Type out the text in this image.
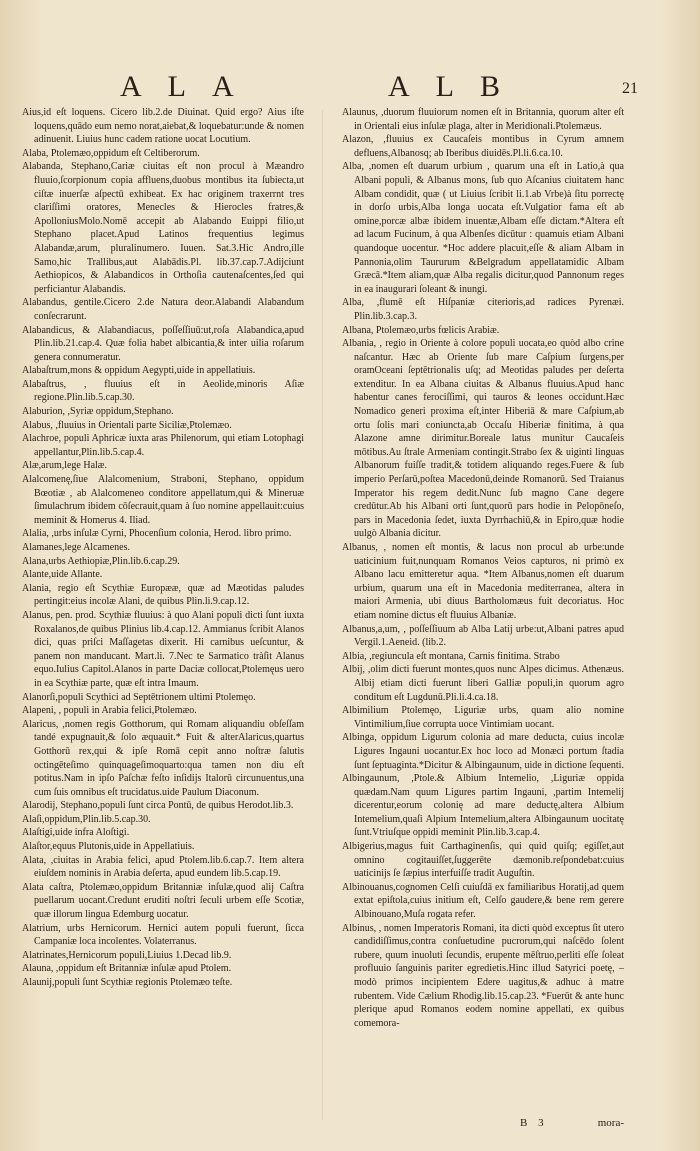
ALA	ALB	21

Aius,id eſt loquens. Cicero lib.2.de Diuinat. Quid ergo? Aius iſte loquens,quādo eum nemo norat,aiebat,& loquebatur:unde & nomen adinuenit. Liuius hunc cadem ratione uocat Locutium.

Alaba, Ptolemæo,oppidum eſt Celtiberorum.

Alabanda, Stephano,Cariæ ciuitas eſt non procul à Mæandro fluuio,ſcorpionum copia affluens,duobus montibus ita ſubiecta,ut ciſtæ inuerſæ aſpectū exhibeat. Ex hac originem traxerrnt tres clariſſimi oratores, Menecles & Hierocles fratres,& ApolloniusMolo.Nomē accepit ab Alabando Euippi filio,ut Stephano placet.Apud Latinos frequentius legimus Alabandæ,arum, pluralinumero. Iuuen. Sat.3.Hic Andro,ille Samo,hic Trallibus,aut Alabādis.Pl. lib.37.cap.7.Adijciunt Aethiopicos, & Alabandicos in Orthoſia cautenaſcentes,ſed qui perficiantur Alabandis.

Alabandus, gentile.Cicero 2.de Natura deor.Alabandi Alabandum conſecrarunt.

Alabandicus, & Alabandiacus, poſſeſſiuū:ut,roſa Alabandica,apud Plin.lib.21.cap.4. Quæ folia habet albicantia,& inter uilia roſarum genera connumeratur.

Alabaſtrum,mons & oppidum Aegypti,uide in appellatiuis.

Alabaſtrus, , fluuius eſt in Aeolide,minoris Aſiæ regione.Plin.lib.5.cap.30.

Alaburion, ,Syriæ oppidum,Stephano.

Alabus, ,fluuius in Orientali parte Siciliæ,Ptolemæo.

Alachroe, populi Aphricæ iuxta aras Philenorum, qui etiam Lotophagi appellantur,Plin.lib.5.cap.4.

Alæ,arum,lege Halæ.

Alalcomenę,ſiue Alalcomenium, Straboni, Stephano, oppidum Bœotiæ , ab Alalcomeneo conditore appellatum,qui & Mineruæ ſimulachrum ibidem cōſecrauit,quam à ſuo nomine appellauit:cuius meminit & Homerus 4. Iliad.

Alalia, ,urbs inſulæ Cyrni, Phocenſium colonia, Herod. libro primo.

Alamanes,lege Alcamenes.

Alana,urbs Aethiopiæ,Plin.lib.6.cap.29.

Alante,uide Allante.

Alania, regio eſt Scythiæ Europææ, quæ ad Mæotidas paludes pertingit:eius incolæ Alani, de quibus Plin.li.9.cap.12.

Alanus, pen. prod. Scythiæ fluuius: à quo Alani populi dicti ſunt iuxta Roxalanos,de quibus Plinius lib.4.cap.12. Ammianus ſcribit Alanos dici, quas priſci Maſſagetas dixerit. Hi carnibus ueſcuntur, & panem non manducant. Mart.li. 7.Nec te Sarmatico tràſit Alanus equo.Iulius Capitol.Alanos in parte Daciæ collocat,Ptolemęus uero in ea Scythiæ parte, quæ eſt intra Imaum.

Alanorſi,populi Scythici ad Septētrionem ultimi Ptolemęo.

Alapeni, , populi in Arabia felici,Ptolemæo.

Alaricus, ,nomen regis Gotthorum, qui Romam aliquandiu obſeſſam tandé expugnauit,& ſolo æquauit.* Fuit & alterAlaricus,quartus Gotthorū rex,qui & ipſe Romā cepit anno noſtræ ſalutis octingēteſimo quinquageſimoquarto:qua tamen non diu eſt potitus.Nam in ipſo Paſchæ feſto inſidijs Italorū circunuentus,una cum ſuis omnibus eſt trucidatus.uide Paulum Diaconum.

Alarodij, Stephano,populi ſunt circa Pontū, de quibus Herodot.lib.3.

Alaſi,oppidum,Plin.lib.5.cap.30.

Alaſtigi,uide infra Aloſtigi.

Alaſtor,equus Plutonis,uide in Appellatiuis.

Alata, ,ciuitas in Arabia felici, apud Ptolem.lib.6.cap.7. Item altera eiuſdem nominis in Arabia deſerta, apud eundem lib.5.cap.19.

Alata caſtra, Ptolemæo,oppidum Britanniæ inſulæ,quod alij Caſtra puellarum uocant.Credunt eruditi noſtri ſeculi urbem eſſe Scotiæ, quæ illorum lingua Edemburg uocatur.

Alatrium, urbs Hernicorum. Hernici autem populi fuerunt, ſicca Campaniæ loca incolentes. Volaterranus.

Alatrinates,Hernicorum populi,Liuius 1.Decad lib.9.

Alauna, ,oppidum eſt Britanniæ inſulæ apud Ptolem.

Alaunij,populi ſunt Scythiæ regionis Ptolemæo teſte.

Alaunus, ,duorum fluuiorum nomen eſt in Britannia, quorum alter eſt in Orientali eius inſulæ plaga, alter in Meridionali.Ptolemæus.

Alazon, ,fluuius ex Caucaſeis montibus in Cyrum amnem defluens,Albanosq; ab Iberibus diuidēs.Pl.li.6.ca.10.

Alba, ,nomen eſt duarum urbium , quarum una eſt in Latio,à qua Albani populi, & Albanus mons, ſub quo Aſcanius ciuitatem hanc Albam condidit, quæ ( ut Liuius ſcribit li.1.ab Vrbe)à ſitu porrectę in dorſo urbis,Alba longa uocata eſt.Vulgatior fama eſt ab omine,porcæ albæ ibidem inuentæ,Albam eſſe dictam.*Altera eſt ad lacum Fucinum, à qua Albenſes dicūtur : quamuis etiam Albani quandoque uocentur. *Hoc addere placuit,eſſe & aliam Albam in Pannonia,olim Taururum &Belgradum appellatamidic Albam Græcā.*Item aliam,quæ Alba regalis dicitur,quod Pannonum reges in ea inaugurari ſoleant & inungi.

Alba, ,flumē eſt Hiſpaniæ citerioris,ad radices Pyrenæi. Plin.lib.3.cap.3.

Albana, Ptolemæo,urbs fœlicis Arabiæ.

Albania, , regio in Oriente à colore populi uocata,eo quòd albo crine naſcantur. Hæc ab Oriente ſub mare Caſpium ſurgens,per oramOceani ſeptētrionalis uſq; ad Meotidas paludes per deſerta extenditur. In ea Albana ciuitas & Albanus fluuius.Apud hanc habentur canes ferociſſimi, qui tauros & leones occidunt.Hæc Nomadico generi proxima eſt,inter Hiberiā & mare Caſpium,ab ortu ſolis mari coniuncta,ab Occaſu Hiberiæ finitima, à qua Alazone amne dirimitur.Boreale latus munitur Caucaſeis mōtibus.Au ſtrale Armeniam contingit.Strabo ſex & uiginti linguas Albanorum fuiſſe tradit,& totidem aliquando reges.Fuere & ſub imperio Perſarū,poſtea Macedonū,deinde Romanorū. Sed Traianus Imperator his regem dedit.Nunc ſub magno Cane degere credūtur.Ab his Albani orti ſunt,quorū pars hodie in Pelopōneſo, pars in Macedonia ſedet, iuxta Dyrrhachiū,& in Epiro,quæ hodie uulgò Albania dicitur.

Albanus, , nomen eſt montis, & lacus non procul ab urbe:unde uaticinium fuit,nunquam Romanos Veios capturos, ni primò ex Albano lacu emitteretur aqua. *Item Albanus,nomen eſt duarum urbium, quarum una eſt in Macedonia mediterranea, altera in maiori Armenia, ubi diuus Bartholomæus fuit decoriatus. Hoc etiam nomine dictus eſt fluuius Albaniæ.

Albanus,a,um, , poſſeſſiuum ab Alba Latij urbe:ut,Albani patres apud Vergil.1.Aeneid. (lib.2.

Albia, ,regiuncula eſt montana, Carnis finitima. Strabo

Albij, ,olim dicti fuerunt montes,quos nunc Alpes dicimus. Athenæus. Albij etiam dicti fuerunt liberi Galliæ populi,in quorum agro conditum eſt Lugdunū.Pli.li.4.ca.18.

Albimilium Ptolemęo, Liguriæ urbs, quam alio nomine Vintimilium,ſiue corrupta uoce Vintimiam uocant.

Albinga, oppidum Ligurum colonia ad mare deducta, cuius incolæ Ligures Ingauni uocantur.Ex hoc loco ad Monæci portum ſtadia ſunt ſeptuaginta.*Dicitur & Albingaunum, uide in dictione ſequenti.

Albingaunum, ,Ptole.& Albium Intemelio, ,Liguriæ oppida quædam.Nam quum Ligures partim Ingauni, ,partim Intemelij dicerentur,eorum colonię ad mare deductę,altera Albium Intemelium,quaſi Alpium Intemelium,altera Albingaunum uocitatę ſunt.Vtriuſque oppidi meminit Plin.lib.3.cap.4.

Albigerius,magus fuit Carthaginenſis, qui quid quiſq; egiſſet,aut omnino cogitauiſſet,ſuggerēte dæmonib.reſpondebat:cuius uaticinijs ſe ſæpius interfuiſſe tradit Auguſtin.

Albinouanus,cognomen Celſi cuiuſdā ex familiaribus Horatij,ad quem extat epiſtola,cuius initium eſt, Celſo gaudere,& bene rem gerere Albinouano,Muſa rogata refer.

Albinus, , nomen Imperatoris Romani, ita dicti quòd exceptus ſit utero candidiſſimus,contra conſuetudine pucrorum,qui naſcēdo ſolent rubere, quum inuoluti ſecundis, erupente mēſtruo,perliti eſſe ſoleat profluuio ſanguinis pariter egredietis.Hinc illud Satyrici poetę, – modò primos incipientem Edere uagitus,& adhuc à matre rubentem. Vide Cælium Rhodig.lib.15.cap.23. *Fuerūt & ante hunc plerique apud Romanos eodem nomine appellati, ex quibus comemora-

B 3	mora-
